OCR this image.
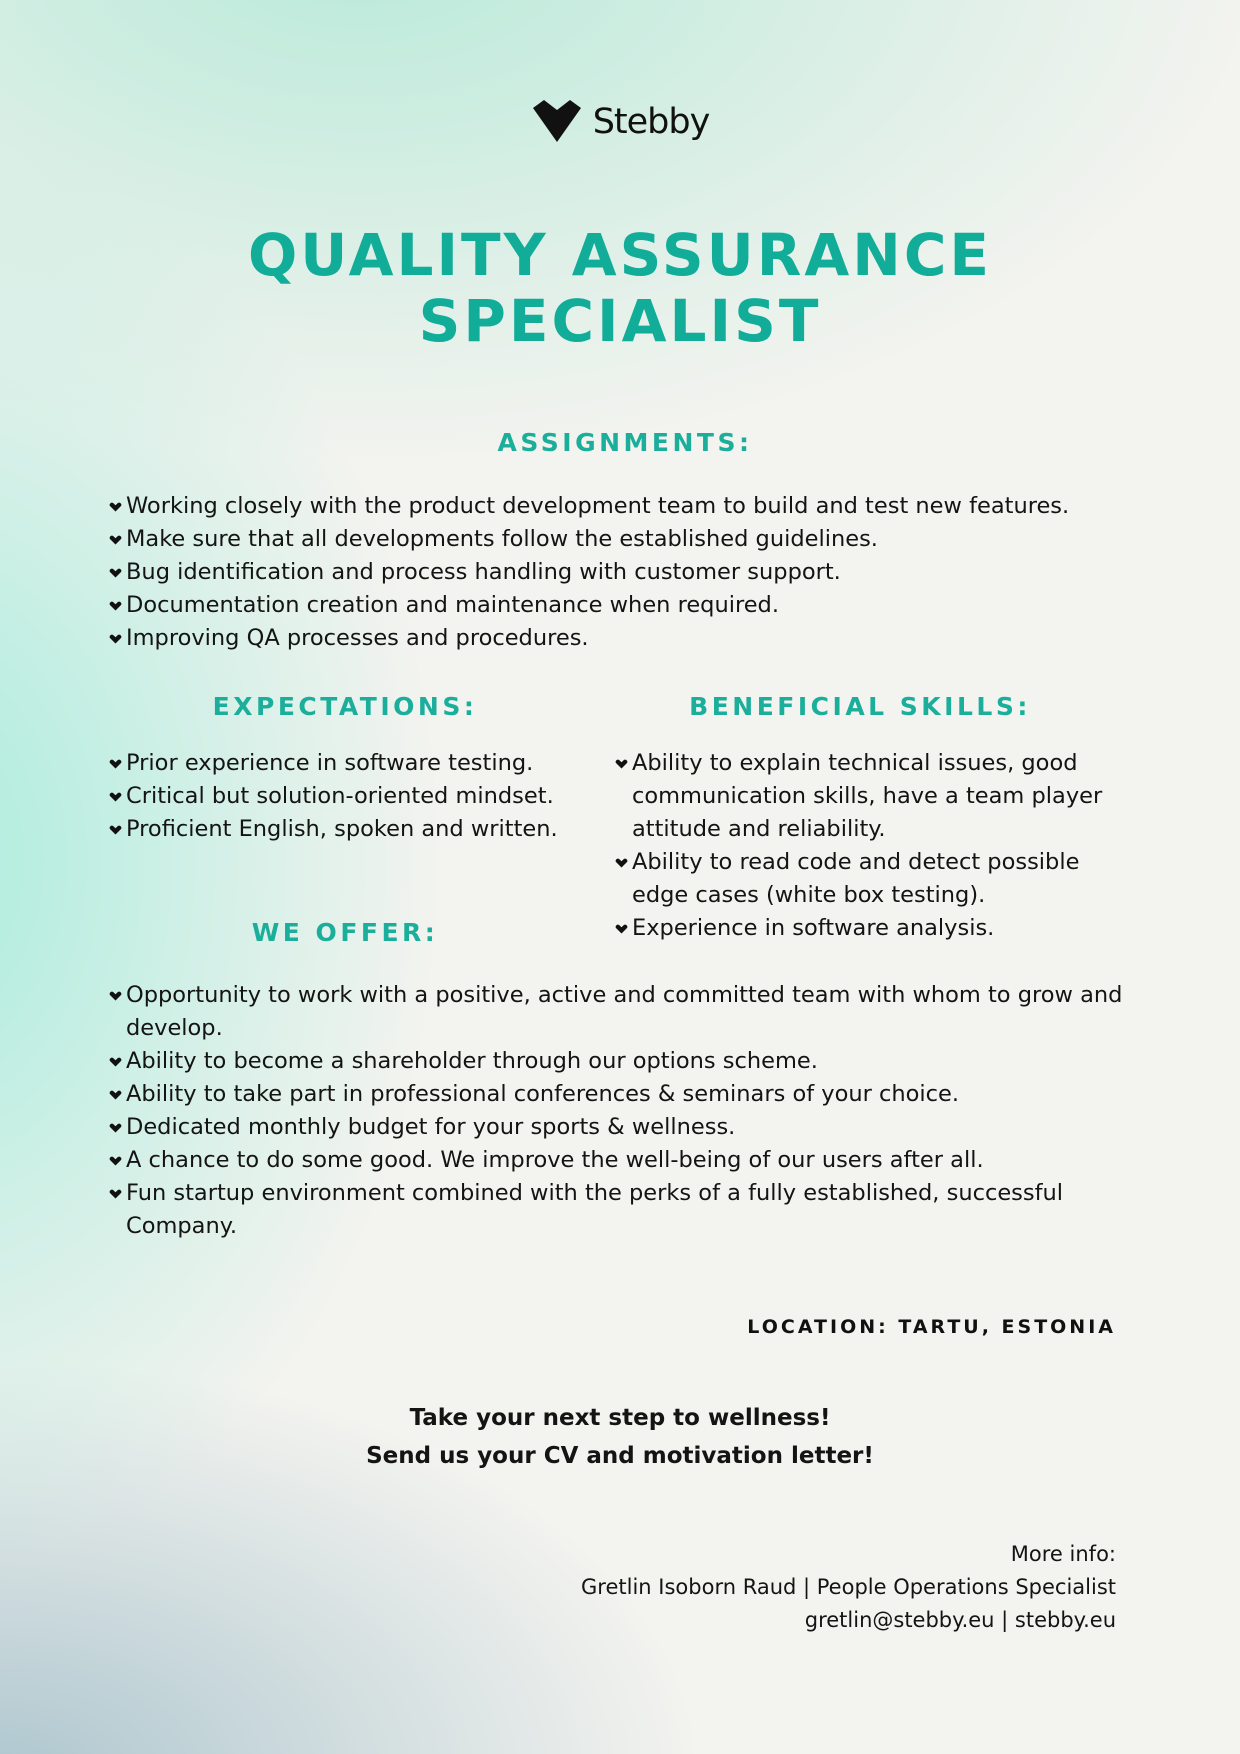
Stebby
QUALITY ASSURANCE
SPECIALIST
ASSIGNMENTS:
Working closely with the product development team to build and test new features.
Make sure that all developments follow the established guidelines.
Bug identification and process handling with customer support.
Documentation creation and maintenance when required.
Improving QA processes and procedures.
EXPECTATIONS:
Prior experience in software testing.
Critical but solution-oriented mindset.
Proficient English, spoken and written.
BENEFICIAL SKILLS:
Ability to explain technical issues, good communication skills, have a team player attitude and reliability.
Ability to read code and detect possible edge cases (white box testing).
Experience in software analysis.
WE OFFER:
Opportunity to work with a positive, active and committed team with whom to grow and develop.
Ability to become a shareholder through our options scheme.
Ability to take part in professional conferences & seminars of your choice.
Dedicated monthly budget for your sports & wellness.
A chance to do some good. We improve the well-being of our users after all.
Fun startup environment combined with the perks of a fully established, successful Company.

LOCATION: TARTU, ESTONIA

Take your next step to wellness!

Send us your CV and motivation letter!

More info:

Gretlin Isoborn Raud | People Operations Specialist

gretlin@stebby.eu | stebby.eu
